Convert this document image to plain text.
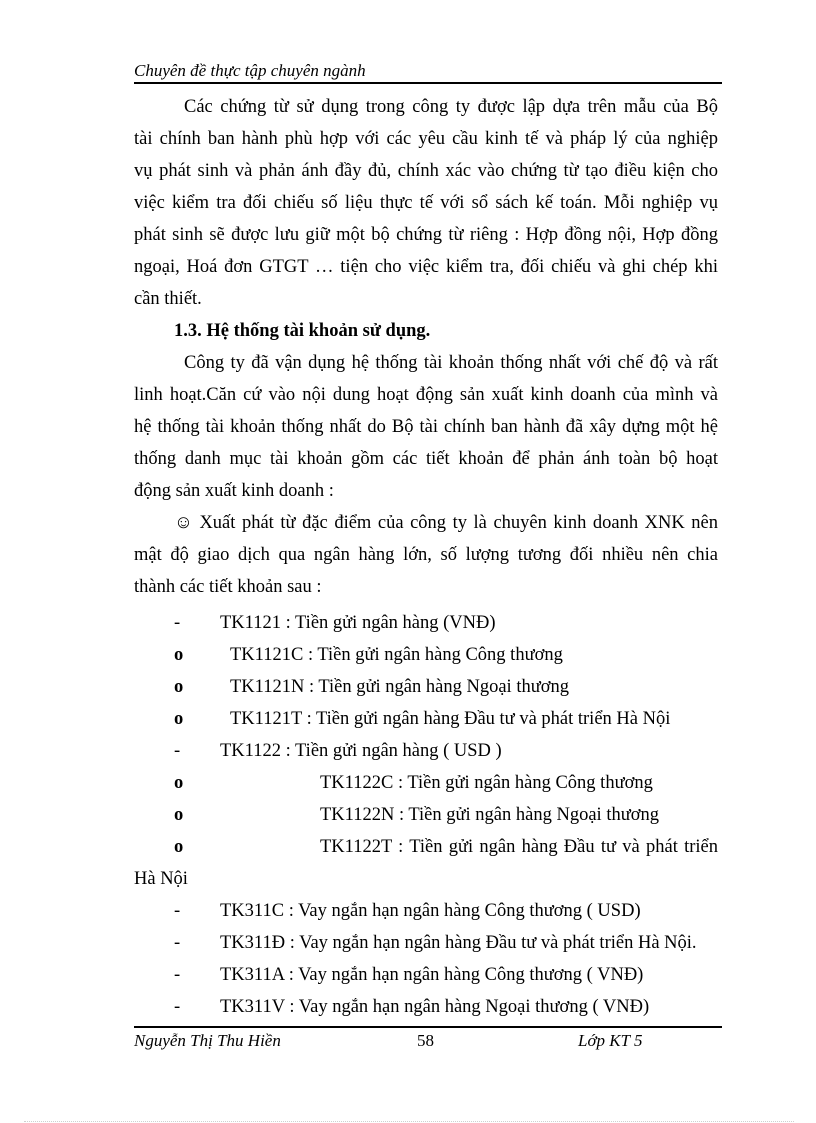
Chuyên đề thực tập chuyên ngành
Các chứng từ sử dụng trong công ty được lập dựa trên mẫu của Bộ
tài chính ban hành phù hợp với các yêu cầu kinh tế và pháp lý của nghiệp
vụ phát sinh và phản ánh đầy đủ, chính xác vào chứng từ tạo điều kiện cho
việc kiểm tra đối chiếu số liệu thực tế với sổ sách kế toán. Mỗi nghiệp vụ
phát sinh sẽ được lưu giữ một bộ chứng từ riêng : Hợp đồng nội, Hợp đồng
ngoại, Hoá đơn GTGT … tiện cho việc kiểm tra, đối chiếu và ghi chép khi
cần thiết.
1.3. Hệ thống tài khoản sử dụng.
Công ty đã vận dụng hệ thống tài khoản thống nhất với chế độ và rất
linh hoạt.Căn cứ vào nội dung hoạt động sản xuất kinh doanh của mình và
hệ thống tài khoản thống nhất do Bộ tài chính ban hành đã xây dựng một hệ
thống danh mục tài khoản gồm các tiết khoản để phản ánh toàn bộ hoạt
động sản xuất kinh doanh :
☺ Xuất phát từ đặc điểm của công ty là chuyên kinh doanh XNK nên
mật độ giao dịch qua ngân hàng lớn, số lượng tương đối nhiều nên chia
thành các tiết khoản sau :
- TK1121 : Tiền gửi ngân hàng (VNĐ)
o	TK1121C : Tiền gửi ngân hàng Công thương
o	TK1121N : Tiền gửi ngân hàng Ngoại thương
o	TK1121T : Tiền gửi ngân hàng Đầu tư và phát triển Hà Nội
- TK1122 : Tiền gửi ngân hàng ( USD )
o	TK1122C : Tiền gửi ngân hàng Công thương
o	TK1122N : Tiền gửi ngân hàng Ngoại thương
o	TK1122T : Tiền gửi ngân hàng Đầu tư và phát triển
Hà Nội
- TK311C : Vay ngắn hạn ngân hàng Công thương ( USD)
- TK311Đ : Vay ngắn hạn ngân hàng Đầu tư và phát triển Hà Nội.
- TK311A : Vay ngắn hạn ngân hàng Công thương ( VNĐ)
- TK311V : Vay ngắn hạn ngân hàng Ngoại thương ( VNĐ)
Nguyễn Thị Thu Hiền	58	Lớp KT 5
